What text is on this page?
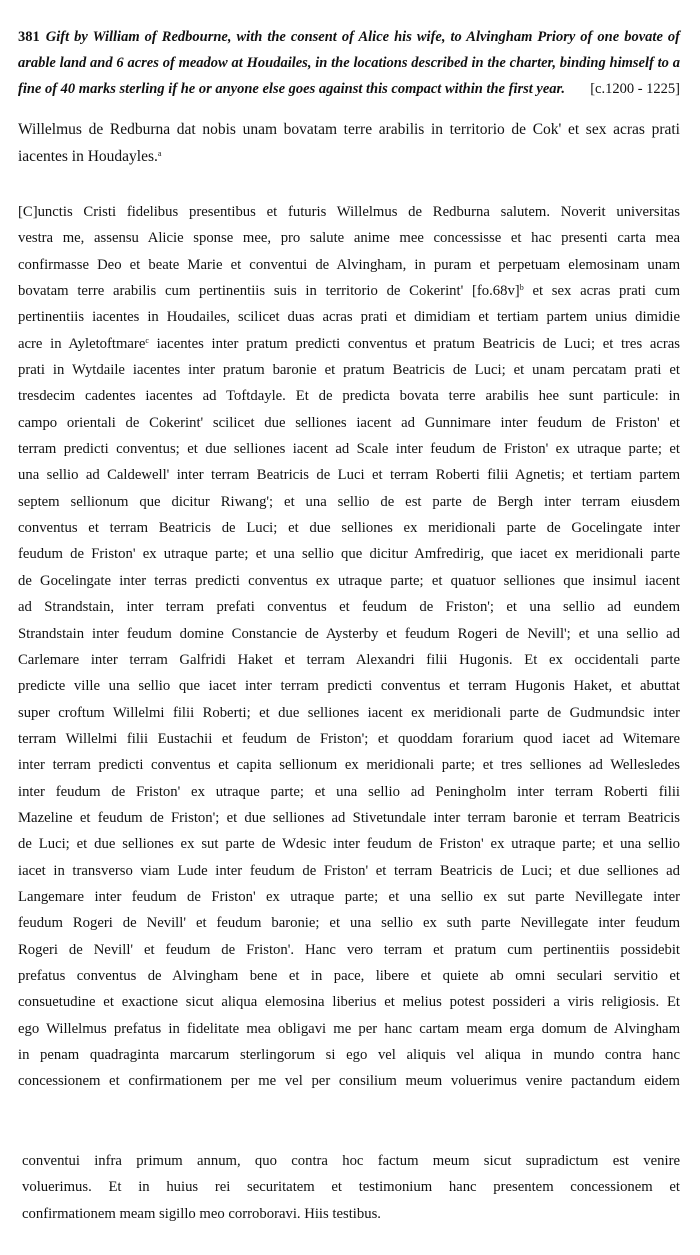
381 Gift by William of Redbourne, with the consent of Alice his wife, to Alvingham Priory of one bovate of arable land and 6 acres of meadow at Houdailes, in the locations described in the charter, binding himself to a fine of 40 marks sterling if he or anyone else goes against this compact within the first year.	[c.1200 - 1225]
Willelmus de Redburna dat nobis unam bovatam terre arabilis in territorio de Cok' et sex acras prati iacentes in Houdayles.$^a$
[C]unctis Cristi fidelibus presentibus et futuris Willelmus de Redburna salutem. Noverit universitas
vestra me, assensu Alicie sponse mee, pro salute anime mee concessisse et hac presenti carta mea
confirmasse Deo et beate Marie et conventui de Alvingham, in puram et perpetuam elemosinam unam
bovatam terre arabilis cum pertinentiis suis in territorio de Cokerint' $[fo.68v]^b$ et sex acras prati cum
pertinentiis iacentes in Houdailes, scilicet duas acras prati et dimidiam et tertiam partem unius dimidie
acre in Ayletoftmare$^c$ iacentes inter pratum predicti conventus et pratum Beatricis de Luci; et tres acras
prati in Wytdaile iacentes inter pratum baronie et pratum Beatricis de Luci; et unam percatam prati et
tresdecim cadentes iacentes ad Toftdayle. Et de predicta bovata terre arabilis hee sunt particule: in
campo orientali de Cokerint' scilicet due selliones iacent ad Gunnimare inter feudum de Friston' et
terram predicti conventus; et due selliones iacent ad Scale inter feudum de Friston' ex utraque parte; et
una sellio ad Caldewell' inter terram Beatricis de Luci et terram Roberti filii Agnetis; et tertiam partem
septem sellionum que dicitur Riwang'; et una sellio de est parte de Bergh inter terram eiusdem
conventus et terram Beatricis de Luci; et due selliones ex meridionali parte de Gocelingate inter
feudum de Friston' ex utraque parte; et una sellio que dicitur Amfredirig, que iacet ex meridionali parte
de Gocelingate inter terras predicti conventus ex utraque parte; et quatuor selliones que insimul iacent
ad Strandstain, inter terram prefati conventus et feudum de Friston'; et una sellio ad eundem
Strandstain inter feudum domine Constancie de Aysterby et feudum Rogeri de Nevill'; et una sellio ad
Carlemare inter terram Galfridi Haket et terram Alexandri filii Hugonis. Et ex occidentali parte
predicte ville una sellio que iacet inter terram predicti conventus et terram Hugonis Haket, et abuttat
super croftum Willelmi filii Roberti; et due selliones iacent ex meridionali parte de Gudmundsic inter
terram Willelmi filii Eustachii et feudum de Friston'; et quoddam forarium quod iacet ad Witemare
inter terram predicti conventus et capita sellionum ex meridionali parte; et tres selliones ad Wellesledes
inter feudum de Friston' ex utraque parte; et una sellio ad Peningholm inter terram Roberti filii
Mazeline et feudum de Friston'; et due selliones ad Stivetundale inter terram baronie et terram Beatricis
de Luci; et due selliones ex sut parte de Wdesic inter feudum de Friston' ex utraque parte; et una sellio
iacet in transverso viam Lude inter feudum de Friston' et terram Beatricis de Luci; et due selliones ad
Langemare inter feudum de Friston' ex utraque parte; et una sellio ex sut parte Nevillegate inter
feudum Rogeri de Nevill' et feudum baronie; et una sellio ex suth parte Nevillegate inter feudum
Rogeri de Nevill' et feudum de Friston'. Hanc vero terram et pratum cum pertinentiis possidebit
prefatus conventus de Alvingham bene et in pace, libere et quiete ab omni seculari servitio et
consuetudine et exactione sicut aliqua elemosina liberius et melius potest possideri a viris religiosis. Et
ego Willelmus prefatus in fidelitate mea obligavi me per hanc cartam meam erga domum de Alvingham
in penam quadraginta marcarum sterlingorum si ego vel aliquis vel aliqua in mundo contra hanc
concessionem et confirmationem per me vel per consilium meum voluerimus venire pactandum eidem
conventui infra primum annum, quo contra hoc factum meum sicut supradictum est venire
voluerimus. Et in huius rei securitatem et testimonium hanc presentem concessionem et
confirmationem meam sigillo meo corroboravi. Hiis testibus.
